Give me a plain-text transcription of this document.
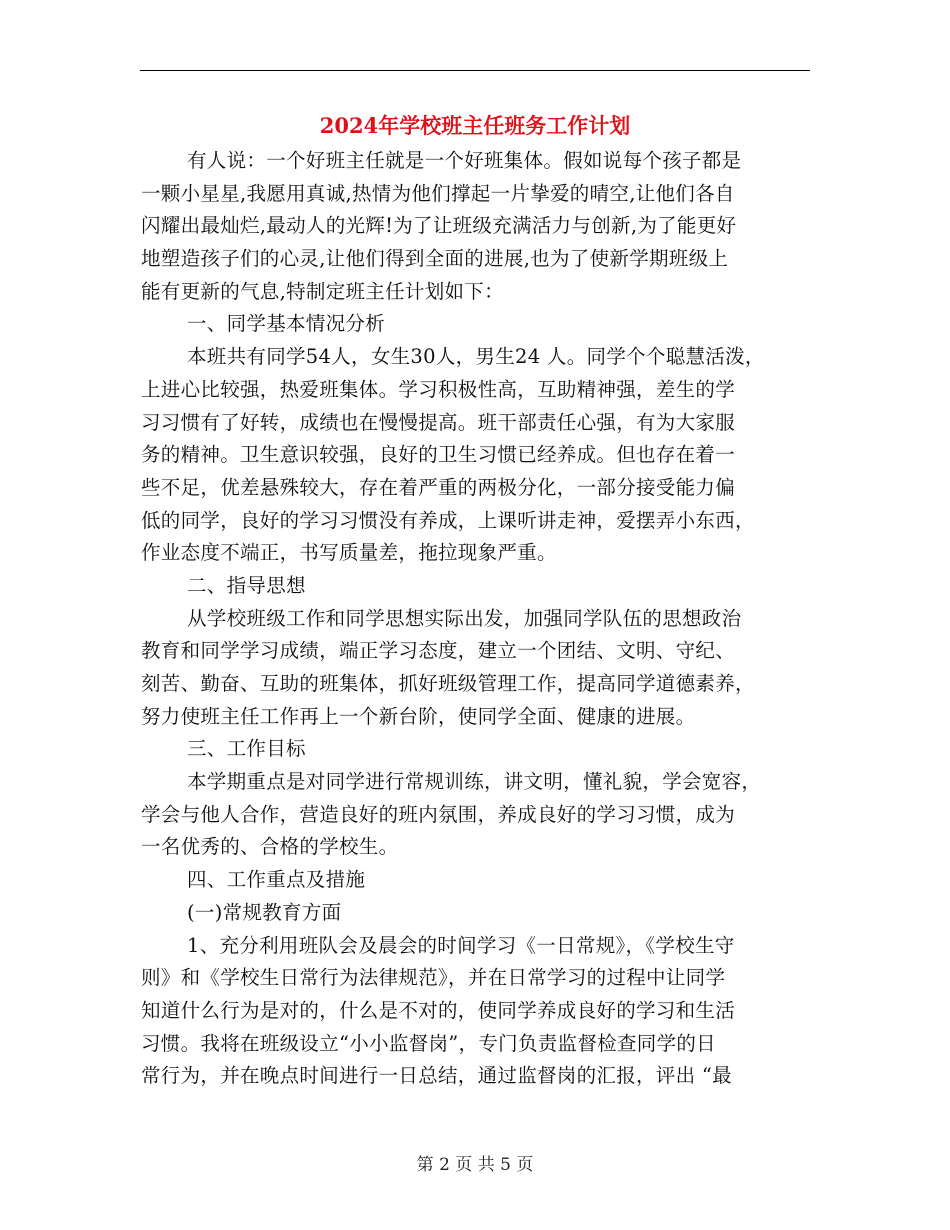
2024年学校班主任班务工作计划
有人说：一个好班主任就是一个好班集体。假如说每个孩子都是
一颗小星星,我愿用真诚,热情为他们撑起一片挚爱的晴空,让他们各自
闪耀出最灿烂,最动人的光辉!为了让班级充满活力与创新,为了能更好
地塑造孩子们的心灵,让他们得到全面的进展,也为了使新学期班级上
能有更新的气息,特制定班主任计划如下：
一、同学基本情况分析
本班共有同学54人，女生30人，男生24 人。同学个个聪慧活泼，
上进心比较强，热爱班集体。学习积极性高，互助精神强，差生的学
习习惯有了好转，成绩也在慢慢提高。班干部责任心强，有为大家服
务的精神。卫生意识较强，良好的卫生习惯已经养成。但也存在着一
些不足，优差悬殊较大，存在着严重的两极分化，一部分接受能力偏
低的同学，良好的学习习惯没有养成，上课听讲走神，爱摆弄小东西，
作业态度不端正，书写质量差，拖拉现象严重。
二、指导思想
从学校班级工作和同学思想实际出发，加强同学队伍的思想政治
教育和同学学习成绩，端正学习态度，建立一个团结、文明、守纪、
刻苦、勤奋、互助的班集体，抓好班级管理工作，提高同学道德素养，
努力使班主任工作再上一个新台阶，使同学全面、健康的进展。
三、工作目标
本学期重点是对同学进行常规训练，讲文明，懂礼貌，学会宽容，
学会与他人合作，营造良好的班内氛围，养成良好的学习习惯，成为
一名优秀的、合格的学校生。
四、工作重点及措施
(一)常规教育方面
1、充分利用班队会及晨会的时间学习《一日常规》，《学校生守
则》和《学校生日常行为法律规范》，并在日常学习的过程中让同学
知道什么行为是对的，什么是不对的，使同学养成良好的学习和生活
习惯。我将在班级设立“小小监督岗”，专门负责监督检查同学的日
常行为，并在晚点时间进行一日总结，通过监督岗的汇报，评出 “最
第 2 页 共 5 页
